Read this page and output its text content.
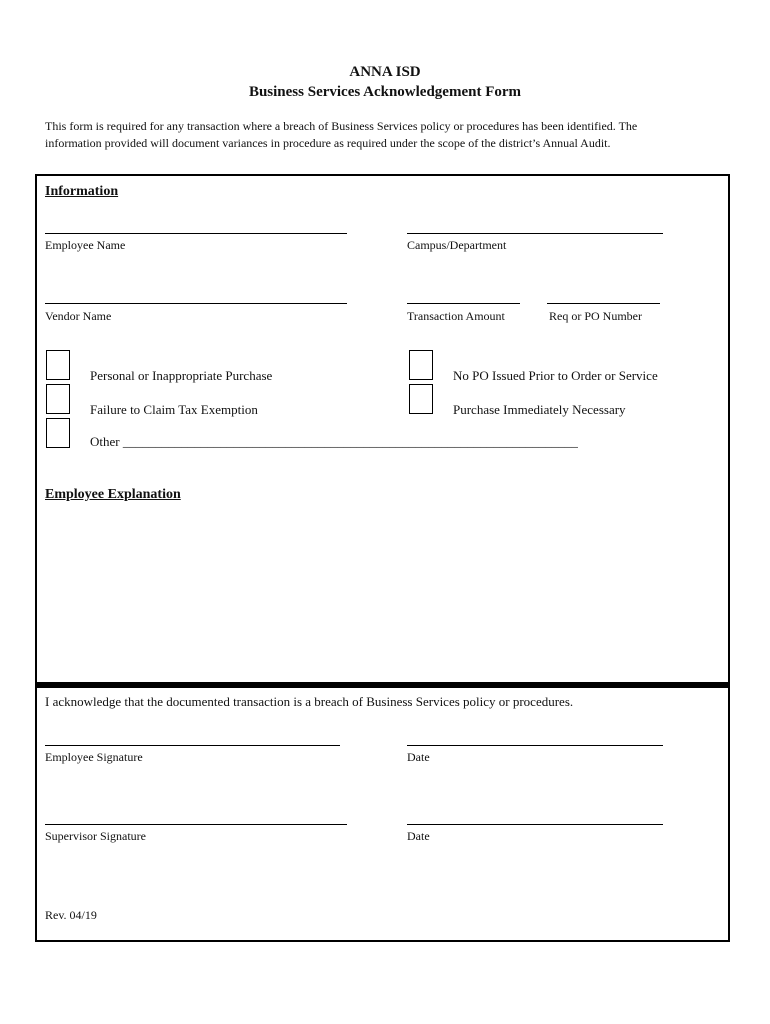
ANNA ISD
Business Services Acknowledgement Form
This form is required for any transaction where a breach of Business Services policy or procedures has been identified. The
information provided will document variances in procedure as required under the scope of the district’s Annual Audit.
Information
Employee Name	Campus/Department
Vendor Name	Transaction Amount	Req or PO Number
Personal or Inappropriate Purchase
Failure to Claim Tax Exemption
Other ______________________________________________________________________
No PO Issued Prior to Order or Service
Purchase Immediately Necessary
Employee Explanation
I acknowledge that the documented transaction is a breach of Business Services policy or procedures.
Employee Signature	Date
Supervisor Signature	Date
Rev. 04/19
